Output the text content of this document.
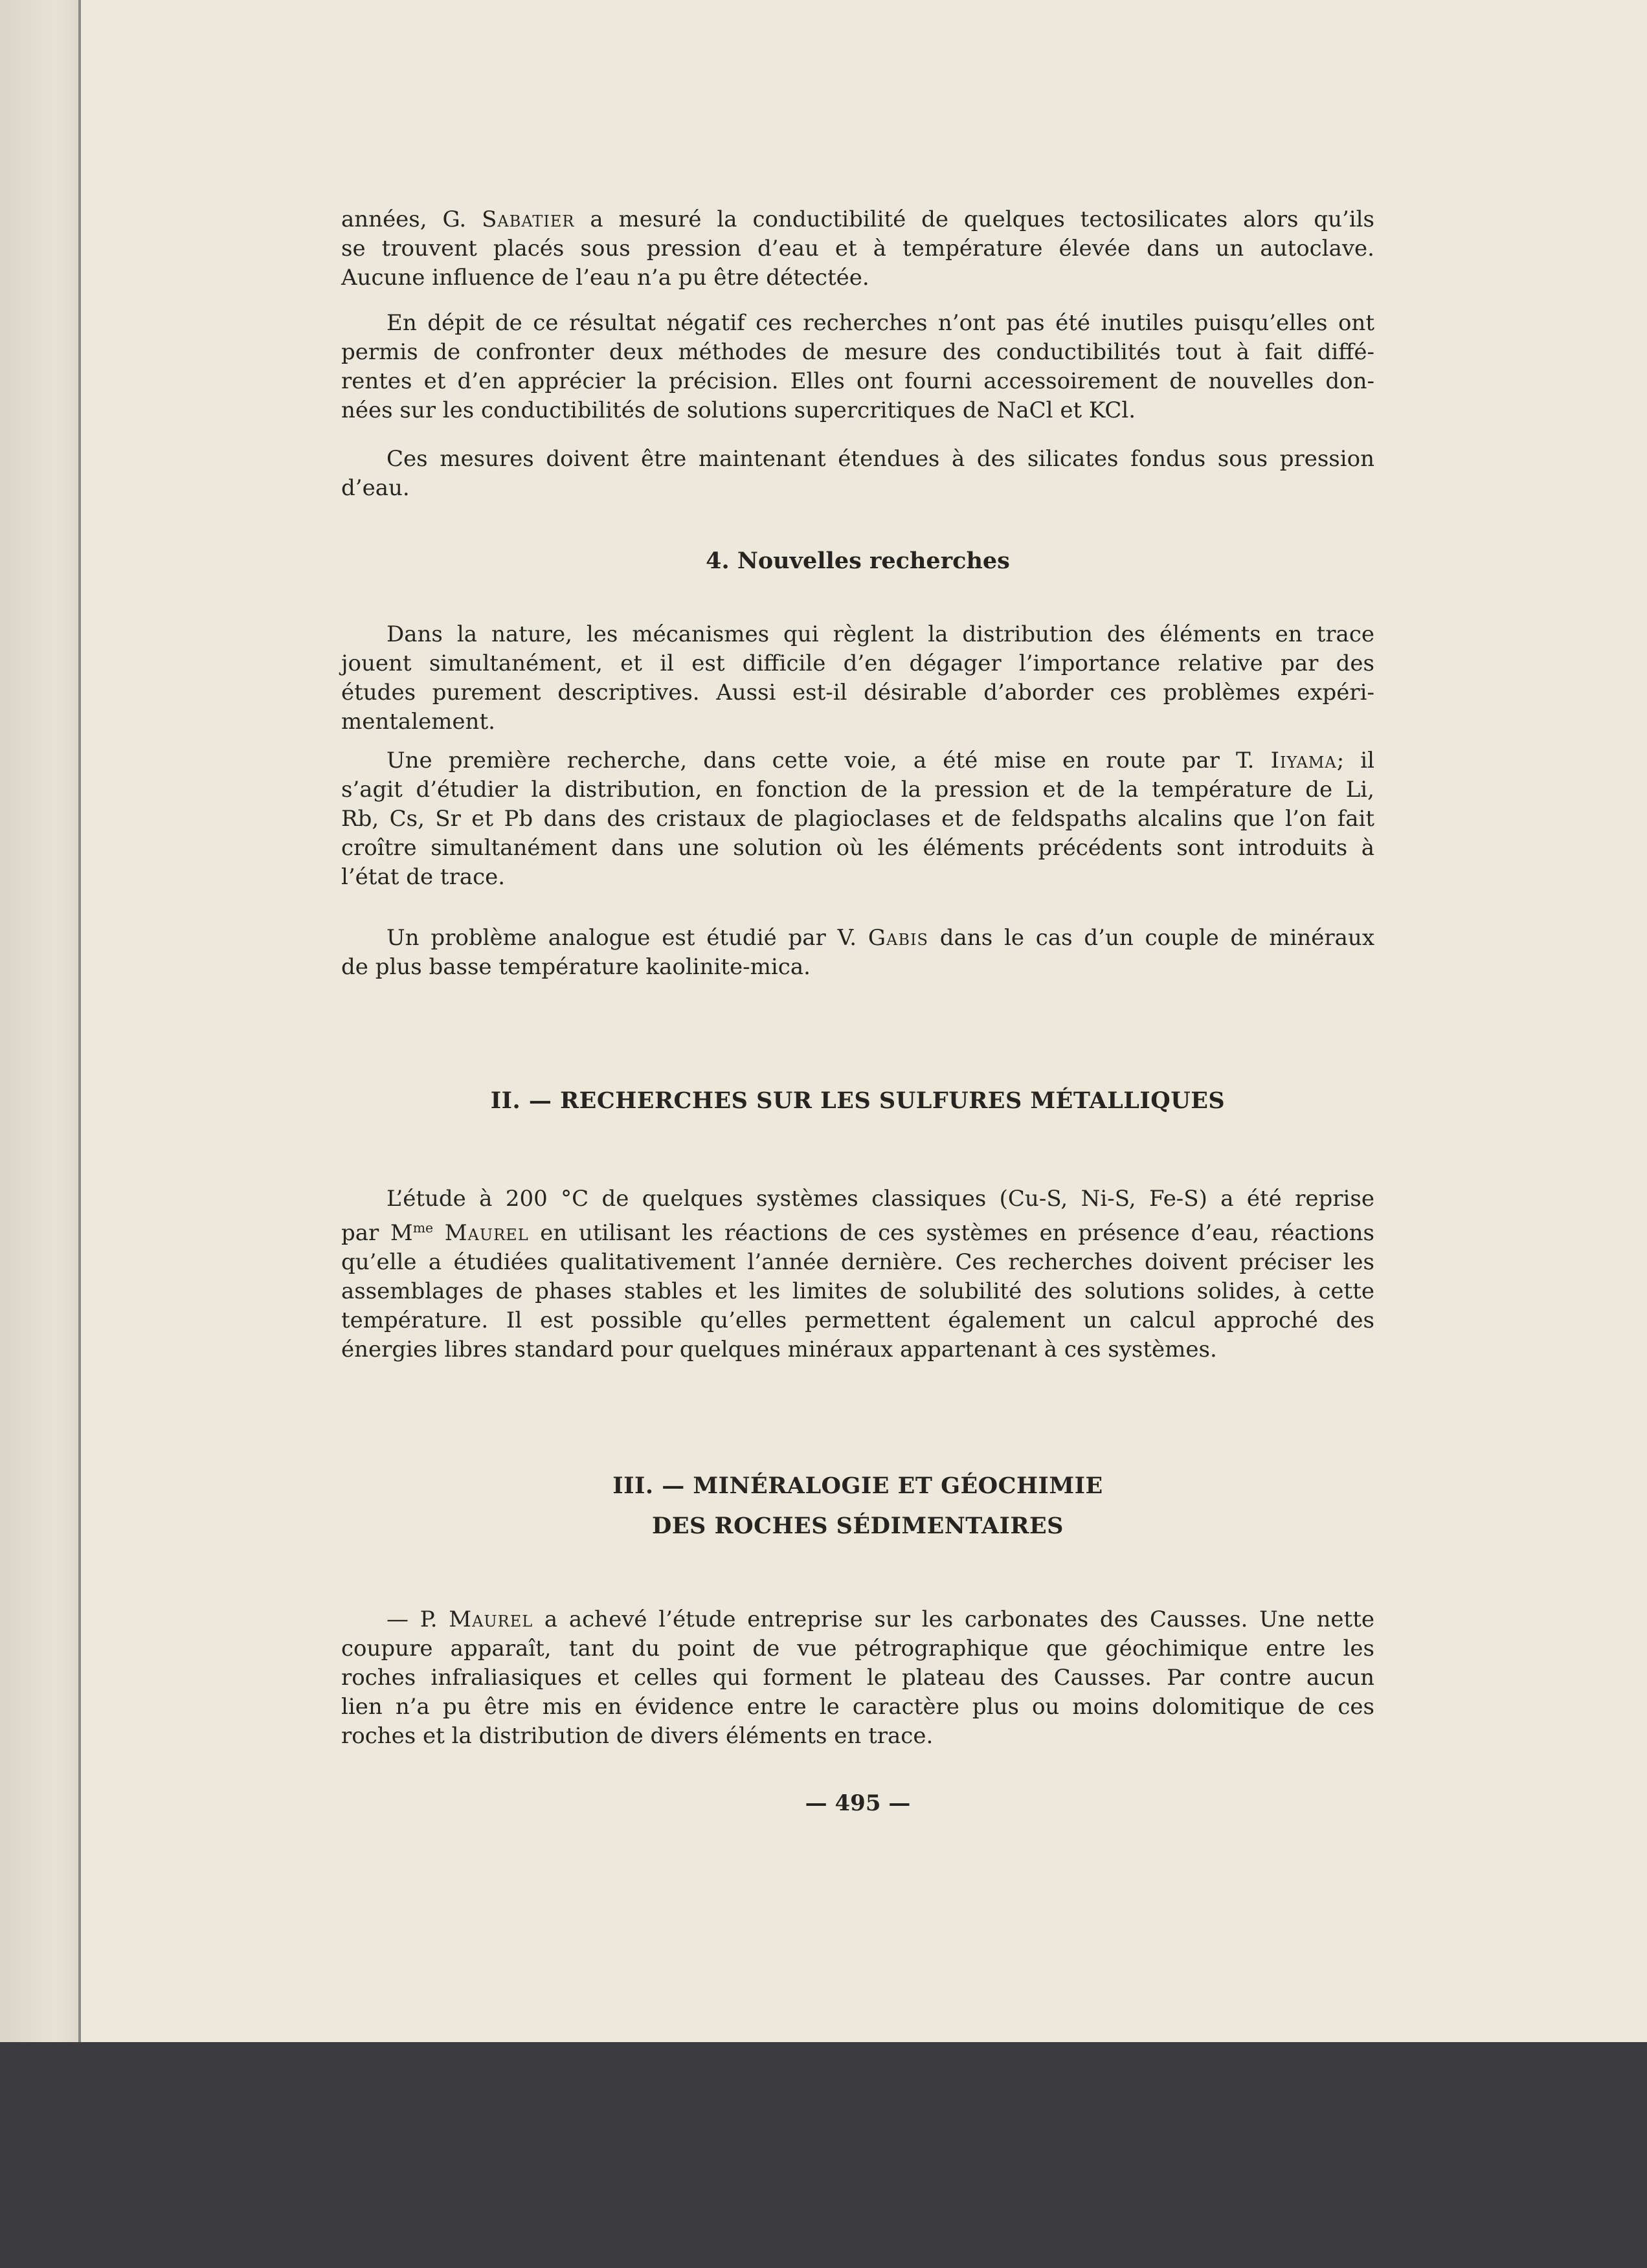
années, G. Sabatier a mesuré la conductibilité de quelques tectosilicates alors qu’ils
se trouvent placés sous pression d’eau et à température élevée dans un autoclave.
Aucune influence de l’eau n’a pu être détectée.
En dépit de ce résultat négatif ces recherches n’ont pas été inutiles puisqu’elles ont
permis de confronter deux méthodes de mesure des conductibilités tout à fait diffé-
rentes et d’en apprécier la précision. Elles ont fourni accessoirement de nouvelles don-
nées sur les conductibilités de solutions supercritiques de NaCl et KCl.
Ces mesures doivent être maintenant étendues à des silicates fondus sous pression
d’eau.
4. Nouvelles recherches
Dans la nature, les mécanismes qui règlent la distribution des éléments en trace
jouent simultanément, et il est difficile d’en dégager l’importance relative par des
études purement descriptives. Aussi est-il désirable d’aborder ces problèmes expéri-
mentalement.
Une première recherche, dans cette voie, a été mise en route par T. Iiyama; il
s’agit d’étudier la distribution, en fonction de la pression et de la température de Li,
Rb, Cs, Sr et Pb dans des cristaux de plagioclases et de feldspaths alcalins que l’on fait
croître simultanément dans une solution où les éléments précédents sont introduits à
l’état de trace.
Un problème analogue est étudié par V. Gabis dans le cas d’un couple de minéraux
de plus basse température kaolinite-mica.
II. — RECHERCHES SUR LES SULFURES MÉTALLIQUES
L’étude à 200 °C de quelques systèmes classiques (Cu-S, Ni-S, Fe-S) a été reprise
par $M^{me}$ Maurel en utilisant les réactions de ces systèmes en présence d’eau, réactions
qu’elle a étudiées qualitativement l’année dernière. Ces recherches doivent préciser les
assemblages de phases stables et les limites de solubilité des solutions solides, à cette
température. Il est possible qu’elles permettent également un calcul approché des
énergies libres standard pour quelques minéraux appartenant à ces systèmes.
III. — MINÉRALOGIE ET GÉOCHIMIE
DES ROCHES SÉDIMENTAIRES
— P. Maurel a achevé l’étude entreprise sur les carbonates des Causses. Une nette
coupure apparaît, tant du point de vue pétrographique que géochimique entre les
roches infraliasiques et celles qui forment le plateau des Causses. Par contre aucun
lien n’a pu être mis en évidence entre le caractère plus ou moins dolomitique de ces
roches et la distribution de divers éléments en trace.
— 495 —
